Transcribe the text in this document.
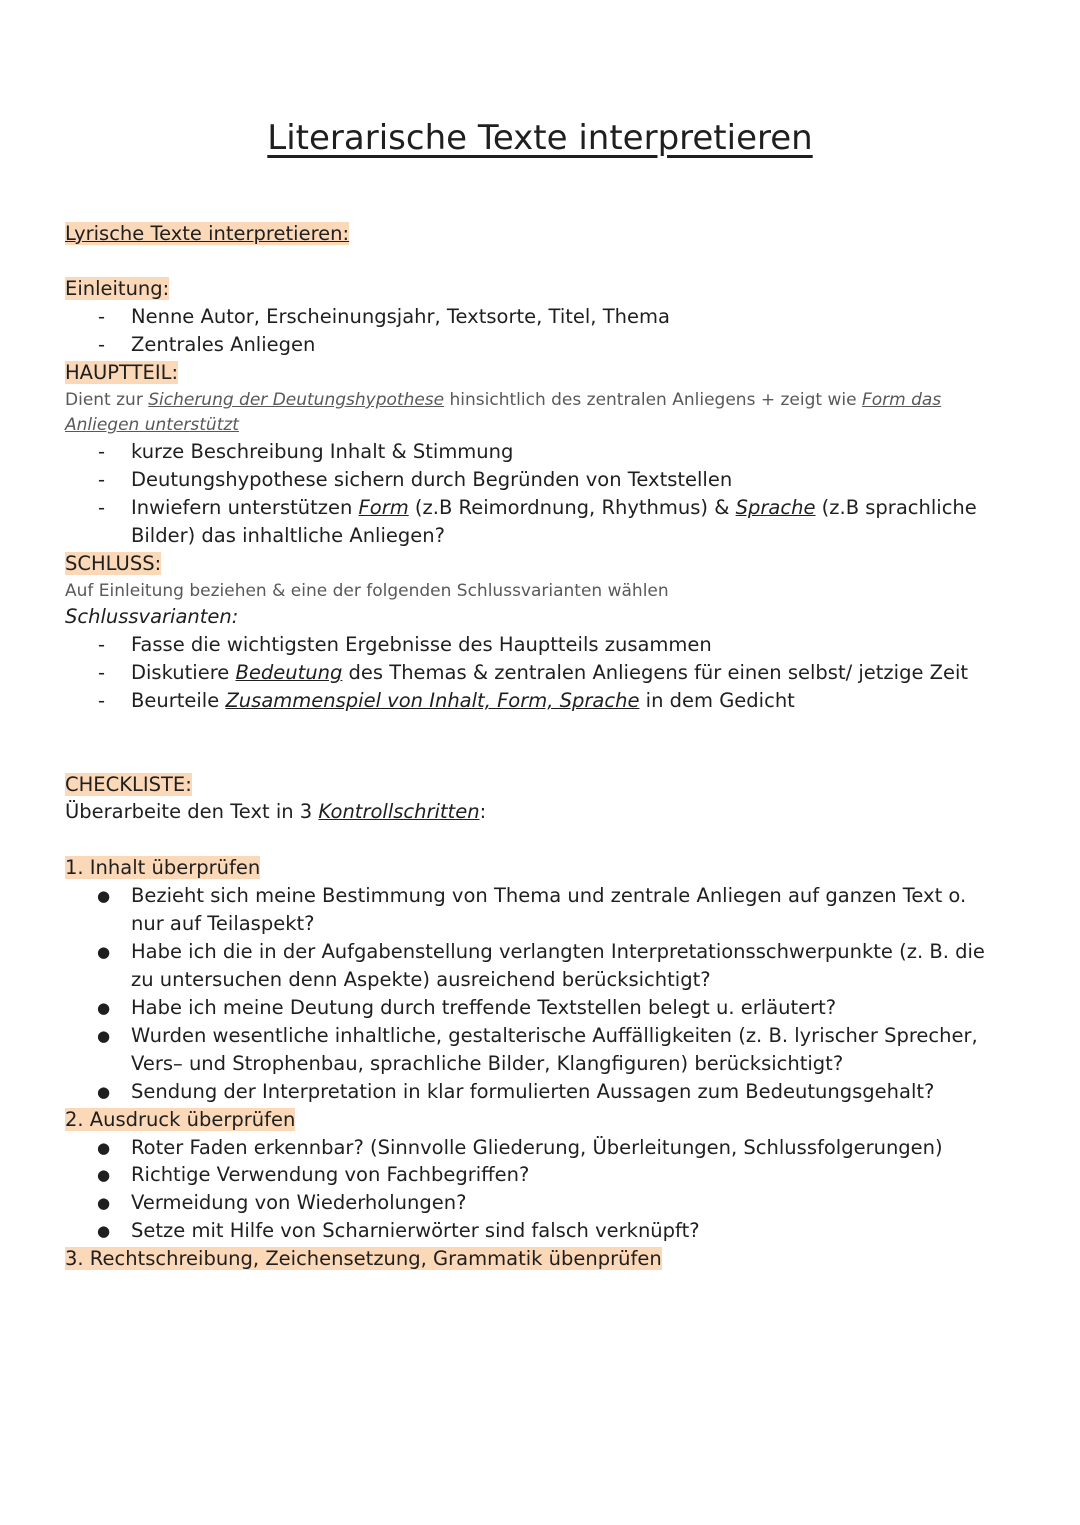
Literarische Texte interpretieren
Lyrische Texte interpretieren:
Einleitung:
- Nenne Autor, Erscheinungsjahr, Textsorte, Titel, Thema
- Zentrales Anliegen
HAUPTTEIL:
Dient zur Sicherung der Deutungshypothese hinsichtlich des zentralen Anliegens + zeigt wie Form das
Anliegen unterstützt
- kurze Beschreibung Inhalt & Stimmung
- Deutungshypothese sichern durch Begründen von Textstellen
- Inwiefern unterstützen Form (z.B Reimordnung, Rhythmus) & Sprache (z.B sprachliche
Bilder) das inhaltliche Anliegen?
SCHLUSS:
Auf Einleitung beziehen & eine der folgenden Schlussvarianten wählen
Schlussvarianten:
- Fasse die wichtigsten Ergebnisse des Hauptteils zusammen
- Diskutiere Bedeutung des Themas & zentralen Anliegens für einen selbst/ jetzige Zeit
- Beurteile Zusammenspiel von Inhalt, Form, Sprache in dem Gedicht
CHECKLISTE:
Überarbeite den Text in 3 Kontrollschritten:
1. Inhalt überprüfen
● Bezieht sich meine Bestimmung von Thema und zentrale Anliegen auf ganzen Text o.
nur auf Teilaspekt?
● Habe ich die in der Aufgabenstellung verlangten Interpretationsschwerpunkte (z. B. die
zu untersuchen denn Aspekte) ausreichend berücksichtigt?
● Habe ich meine Deutung durch treffende Textstellen belegt u. erläutert?
● Wurden wesentliche inhaltliche, gestalterische Auffälligkeiten (z. B. lyrischer Sprecher,
Vers– und Strophenbau, sprachliche Bilder, Klangfiguren) berücksichtigt?
● Sendung der Interpretation in klar formulierten Aussagen zum Bedeutungsgehalt?
2. Ausdruck überprüfen
● Roter Faden erkennbar? (Sinnvolle Gliederung, Überleitungen, Schlussfolgerungen)
● Richtige Verwendung von Fachbegriffen?
● Vermeidung von Wiederholungen?
● Setze mit Hilfe von Scharnierwörter sind falsch verknüpft?
3. Rechtschreibung, Zeichensetzung, Grammatik übenprüfen
